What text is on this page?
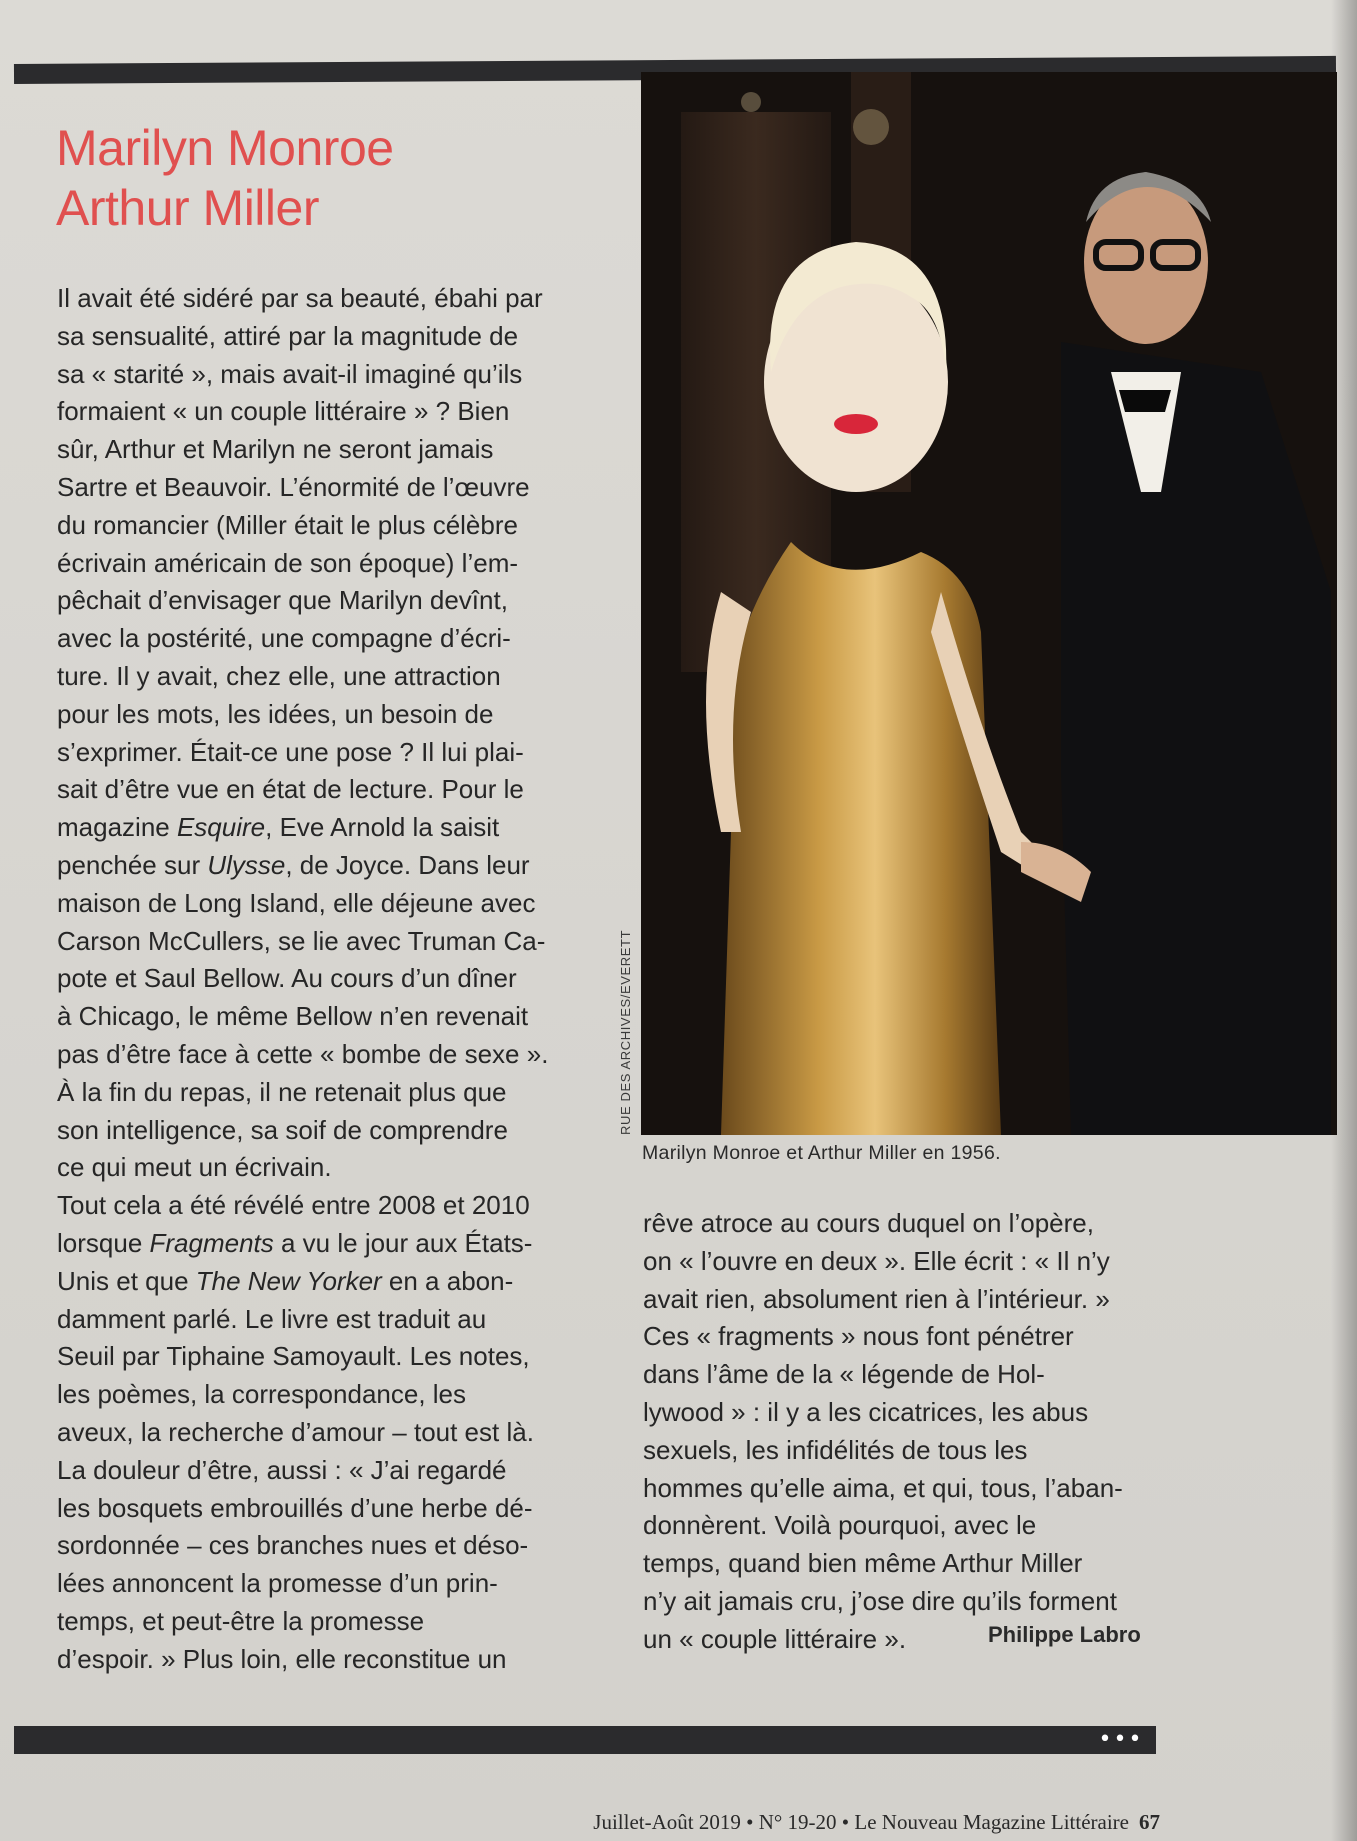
Marilyn Monroe
Arthur Miller
Il avait été sidéré par sa beauté, ébahi par
sa sensualité, attiré par la magnitude de
sa « starité », mais avait-il imaginé qu’ils
formaient « un couple littéraire » ? Bien
sûr, Arthur et Marilyn ne seront jamais
Sartre et Beauvoir. L’énormité de l’œuvre
du romancier (Miller était le plus célèbre
écrivain américain de son époque) l’em-
pêchait d’envisager que Marilyn devînt,
avec la postérité, une compagne d’écri-
ture. Il y avait, chez elle, une attraction
pour les mots, les idées, un besoin de
s’exprimer. Était-ce une pose ? Il lui plai-
sait d’être vue en état de lecture. Pour le
magazine Esquire, Eve Arnold la saisit
penchée sur Ulysse, de Joyce. Dans leur
maison de Long Island, elle déjeune avec
Carson McCullers, se lie avec Truman Ca-
pote et Saul Bellow. Au cours d’un dîner
à Chicago, le même Bellow n’en revenait
pas d’être face à cette « bombe de sexe ».
À la fin du repas, il ne retenait plus que
son intelligence, sa soif de comprendre
ce qui meut un écrivain.
Tout cela a été révélé entre 2008 et 2010
lorsque Fragments a vu le jour aux États-
Unis et que The New Yorker en a abon-
damment parlé. Le livre est traduit au
Seuil par Tiphaine Samoyault. Les notes,
les poèmes, la correspondance, les
aveux, la recherche d’amour – tout est là.
La douleur d’être, aussi : « J’ai regardé
les bosquets embrouillés d’une herbe dé-
sordonnée – ces branches nues et déso-
lées annoncent la promesse d’un prin-
temps, et peut-être la promesse
d’espoir. » Plus loin, elle reconstitue un
RUE DES ARCHIVES/EVERETT
Marilyn Monroe et Arthur Miller en 1956.
rêve atroce au cours duquel on l’opère,
on « l’ouvre en deux ». Elle écrit : « Il n’y
avait rien, absolument rien à l’intérieur. »
Ces « fragments » nous font pénétrer
dans l’âme de la « légende de Hol-
lywood » : il y a les cicatrices, les abus
sexuels, les infidélités de tous les
hommes qu’elle aima, et qui, tous, l’aban-
donnèrent. Voilà pourquoi, avec le
temps, quand bien même Arthur Miller
n’y ait jamais cru, j’ose dire qu’ils forment
un « couple littéraire ».	Philippe Labro
•••
Juillet-Août 2019 • N° 19-20 • Le Nouveau Magazine Littéraire 67
